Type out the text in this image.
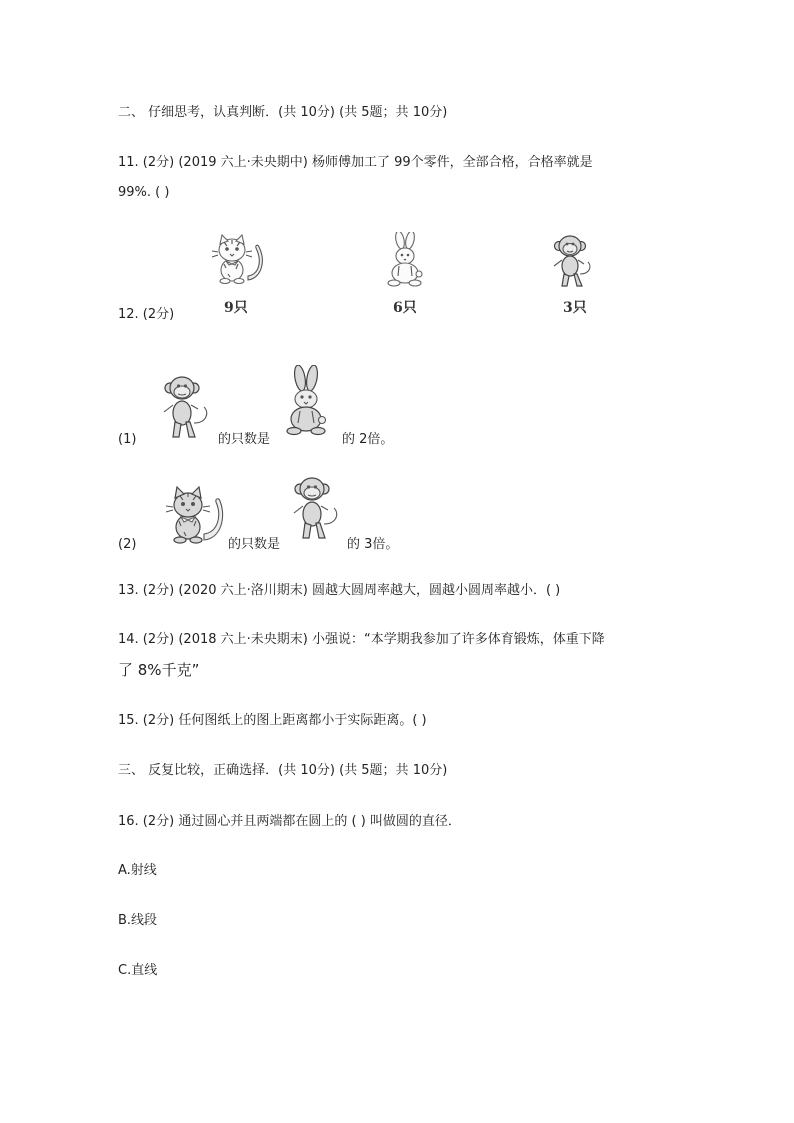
二、 仔细思考，认真判断．(共 10分) (共 5题；共 10分)
11. (2分) (2019 六上·未央期中) 杨师傅加工了 99个零件，全部合格，合格率就是
99%. ( )
9只	6只	3只
12. (2分)
(1)	的只数是	的 2倍。
(2)	的只数是	的 3倍。
13. (2分) (2020 六上·洛川期末) 圆越大圆周率越大，圆越小圆周率越小．( )
14. (2分) (2018 六上·未央期末) 小强说：“本学期我参加了许多体育锻炼，体重下降
了 8%千克”
15. (2分) 任何图纸上的图上距离都小于实际距离。( )
三、 反复比较，正确选择．(共 10分) (共 5题；共 10分)
16. (2分) 通过圆心并且两端都在圆上的 ( ) 叫做圆的直径．
A.射线
B.线段
C.直线
